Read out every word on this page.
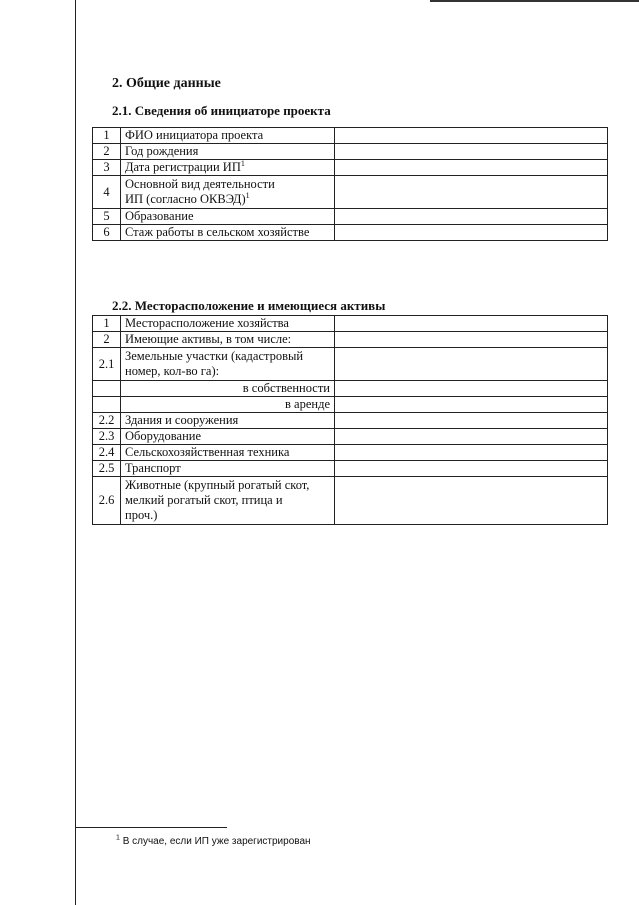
2. Общие данные

2.1. Сведения об инициаторе проекта

1	ФИО инициатора проекта	
2	Год рождения	
3	Дата регистрации $ИП^1$	
4	Основной вид деятельности
ИП (согласно ОКВЭД)$^1$	
5	Образование	
6	Стаж работы в сельском хозяйстве	

2.2. Месторасположение и имеющиеся активы

1	Месторасположение хозяйства	
2	Имеющие активы, в том числе:	
2.1	Земельные участки (кадастровый
номер, кол-во га):	
	в собственности	
	в аренде	
2.2	Здания и сооружения	
2.3	Оборудование	
2.4	Сельскохозяйственная техника	
2.5	Транспорт	
2.6	Животные (крупный рогатый скот,
мелкий рогатый скот, птица и
проч.)	

$^1$ В случае, если ИП уже зарегистрирован
